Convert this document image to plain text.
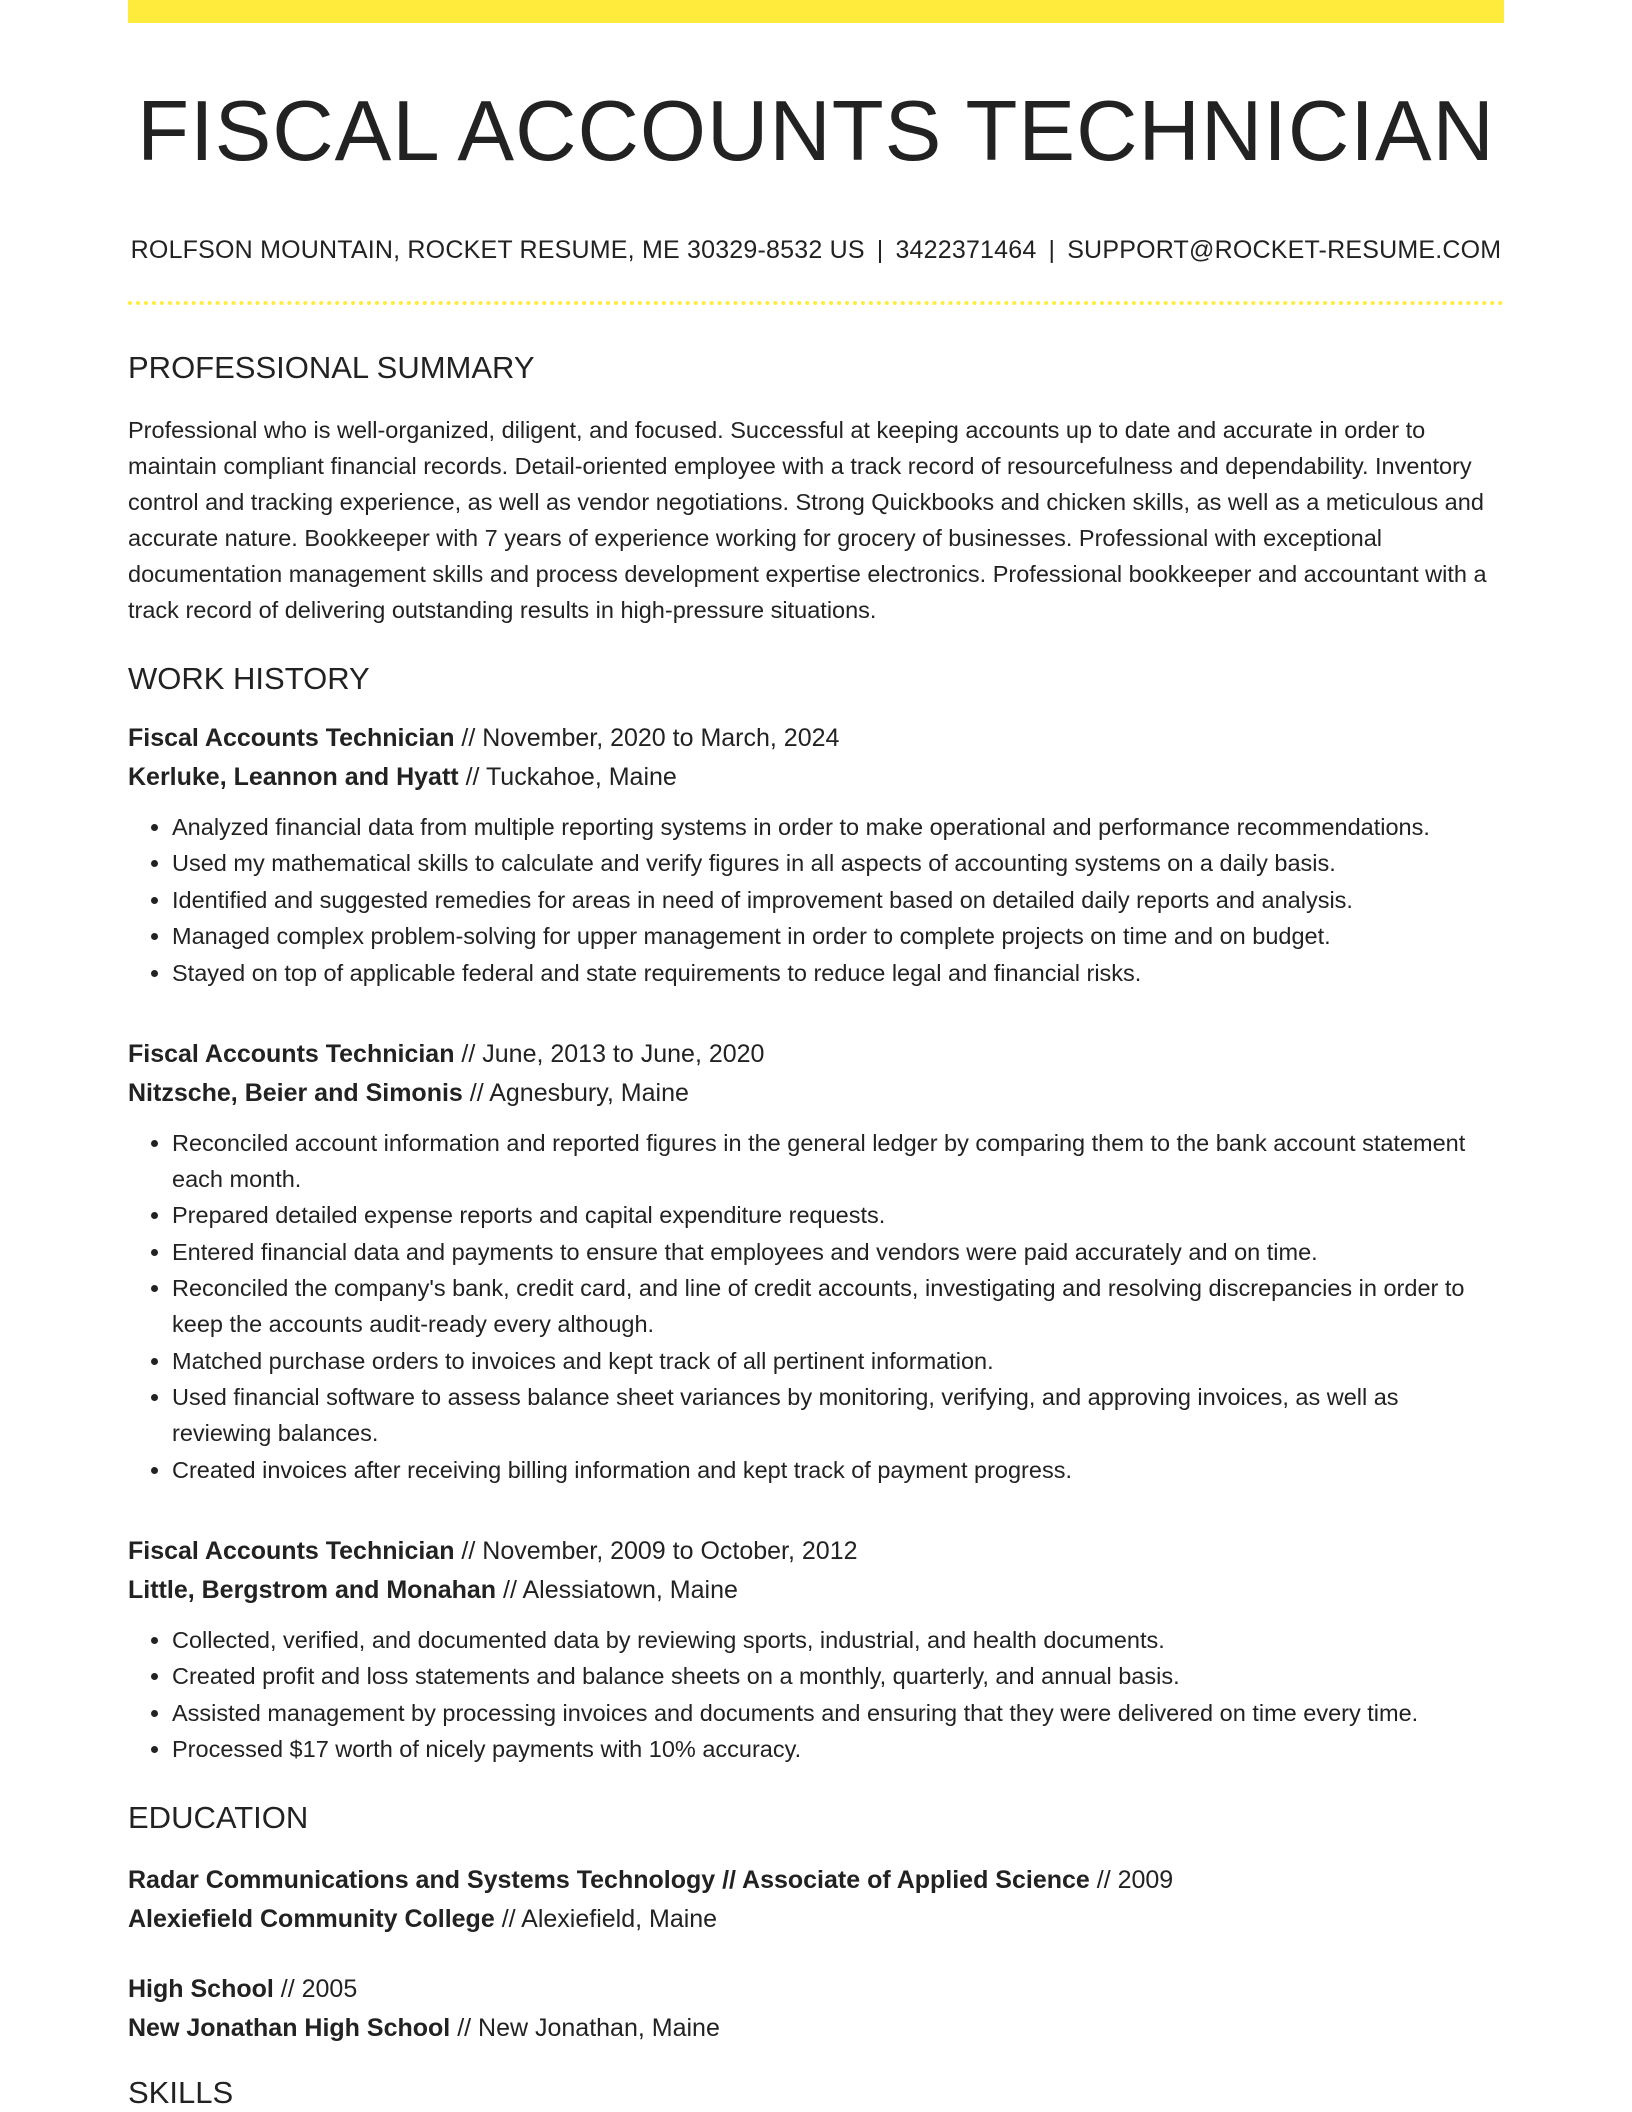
FISCAL ACCOUNTS TECHNICIAN
ROLFSON MOUNTAIN, ROCKET RESUME, ME 30329-8532 US | 3422371464 | SUPPORT@ROCKET-RESUME.COM
PROFESSIONAL SUMMARY

Professional who is well-organized, diligent, and focused. Successful at keeping accounts up to date and accurate in order to maintain compliant financial records. Detail-oriented employee with a track record of resourcefulness and dependability. Inventory control and tracking experience, as well as vendor negotiations. Strong Quickbooks and chicken skills, as well as a meticulous and accurate nature. Bookkeeper with 7 years of experience working for grocery of businesses. Professional with exceptional documentation management skills and process development expertise electronics. Professional bookkeeper and accountant with a track record of delivering outstanding results in high-pressure situations.

WORK HISTORY
Fiscal Accounts Technician // November, 2020 to March, 2024
Kerluke, Leannon and Hyatt // Tuckahoe, Maine
• Analyzed financial data from multiple reporting systems in order to make operational and performance recommendations.
• Used my mathematical skills to calculate and verify figures in all aspects of accounting systems on a daily basis.
• Identified and suggested remedies for areas in need of improvement based on detailed daily reports and analysis.
• Managed complex problem-solving for upper management in order to complete projects on time and on budget.
• Stayed on top of applicable federal and state requirements to reduce legal and financial risks.
Fiscal Accounts Technician // June, 2013 to June, 2020
Nitzsche, Beier and Simonis // Agnesbury, Maine
• Reconciled account information and reported figures in the general ledger by comparing them to the bank account statement each month.
• Prepared detailed expense reports and capital expenditure requests.
• Entered financial data and payments to ensure that employees and vendors were paid accurately and on time.
• Reconciled the company's bank, credit card, and line of credit accounts, investigating and resolving discrepancies in order to keep the accounts audit-ready every although.
• Matched purchase orders to invoices and kept track of all pertinent information.
• Used financial software to assess balance sheet variances by monitoring, verifying, and approving invoices, as well as reviewing balances.
• Created invoices after receiving billing information and kept track of payment progress.
Fiscal Accounts Technician // November, 2009 to October, 2012
Little, Bergstrom and Monahan // Alessiatown, Maine
• Collected, verified, and documented data by reviewing sports, industrial, and health documents.
• Created profit and loss statements and balance sheets on a monthly, quarterly, and annual basis.
• Assisted management by processing invoices and documents and ensuring that they were delivered on time every time.
• Processed $17 worth of nicely payments with 10% accuracy.
EDUCATION
Radar Communications and Systems Technology // Associate of Applied Science // 2009
Alexiefield Community College // Alexiefield, Maine
High School // 2005
New Jonathan High School // New Jonathan, Maine
SKILLS
